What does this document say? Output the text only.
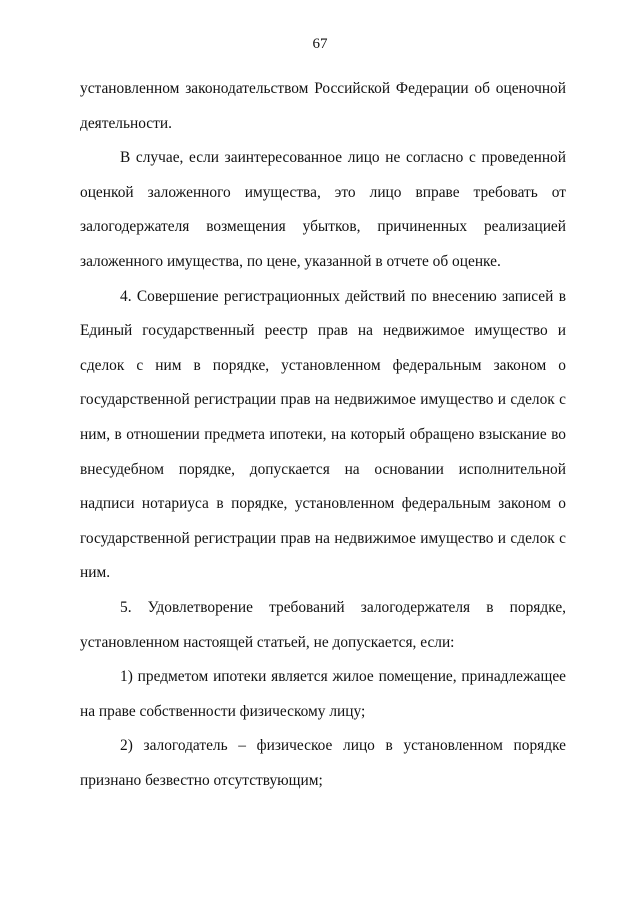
67

установленном законодательством Российской Федерации об оценочной деятельности.

В случае, если заинтересованное лицо не согласно с проведенной оценкой заложенного имущества, это лицо вправе требовать от залогодержателя возмещения убытков, причиненных реализацией заложенного имущества, по цене, указанной в отчете об оценке.

4. Совершение регистрационных действий по внесению записей в Единый государственный реестр прав на недвижимое имущество и сделок с ним в порядке, установленном федеральным законом о государственной регистрации прав на недвижимое имущество и сделок с ним, в отношении предмета ипотеки, на который обращено взыскание во внесудебном порядке, допускается на основании исполнительной надписи нотариуса в порядке, установленном федеральным законом о государственной регистрации прав на недвижимое имущество и сделок с ним.

5. Удовлетворение требований залогодержателя в порядке, установленном настоящей статьей, не допускается, если:

1) предметом ипотеки является жилое помещение, принадлежащее на праве собственности физическому лицу;

2) залогодатель – физическое лицо в установленном порядке признано безвестно отсутствующим;
